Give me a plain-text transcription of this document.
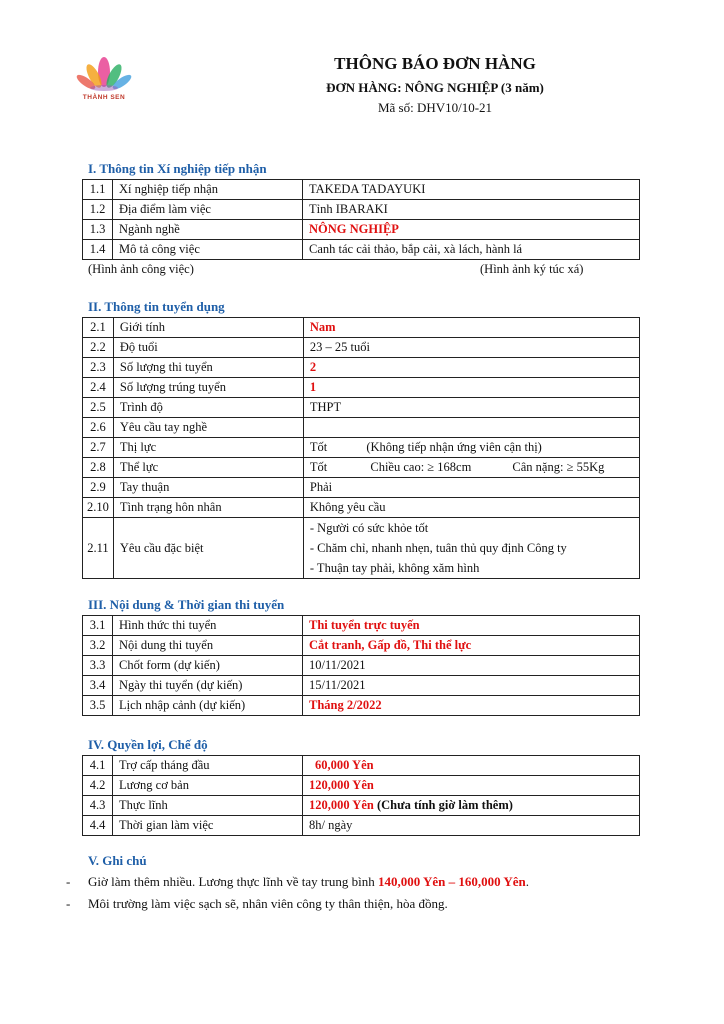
THÀNH SEN
THÔNG BÁO ĐƠN HÀNG
ĐƠN HÀNG: NÔNG NGHIỆP (3 năm)
Mã số: DHV10/10-21
I. Thông tin Xí nghiệp tiếp nhận
1.1	Xí nghiệp tiếp nhận	TAKEDA TADAYUKI
1.2	Địa điểm làm việc	Tỉnh IBARAKI
1.3	Ngành nghề	NÔNG NGHIỆP
1.4	Mô tả công việc	Canh tác cải thảo, bắp cải, xà lách, hành lá
(Hình ảnh công việc)	(Hình ảnh ký túc xá)
II. Thông tin tuyển dụng
2.1	Giới tính	Nam
2.2	Độ tuổi	23 – 25 tuổi
2.3	Số lượng thi tuyển	2
2.4	Số lượng trúng tuyển	1
2.5	Trình độ	THPT
2.6	Yêu cầu tay nghề	
2.7	Thị lực	Tốt (Không tiếp nhận ứng viên cận thị)
2.8	Thể lực	Tốt Chiều cao: ≥ 168cm Cân nặng: ≥ 55Kg
2.9	Tay thuận	Phải
2.10	Tình trạng hôn nhân	Không yêu cầu
2.11	Yêu cầu đặc biệt	- Người có sức khỏe tốt
- Chăm chỉ, nhanh nhẹn, tuân thủ quy định Công ty
- Thuận tay phải, không xăm hình
III. Nội dung & Thời gian thi tuyển
3.1	Hình thức thi tuyển	Thi tuyển trực tuyến
3.2	Nội dung thi tuyển	Cắt tranh, Gấp đồ, Thi thể lực
3.3	Chốt form (dự kiến)	10/11/2021
3.4	Ngày thi tuyển (dự kiến)	15/11/2021
3.5	Lịch nhập cảnh (dự kiến)	Tháng 2/2022
IV. Quyền lợi, Chế độ
4.1	Trợ cấp tháng đầu	60,000 Yên
4.2	Lương cơ bản	120,000 Yên
4.3	Thực lĩnh	120,000 Yên (Chưa tính giờ làm thêm)
4.4	Thời gian làm việc	8h/ ngày
V. Ghi chú
- Giờ làm thêm nhiều. Lương thực lĩnh về tay trung bình 140,000 Yên – 160,000 Yên.
- Môi trường làm việc sạch sẽ, nhân viên công ty thân thiện, hòa đồng.
